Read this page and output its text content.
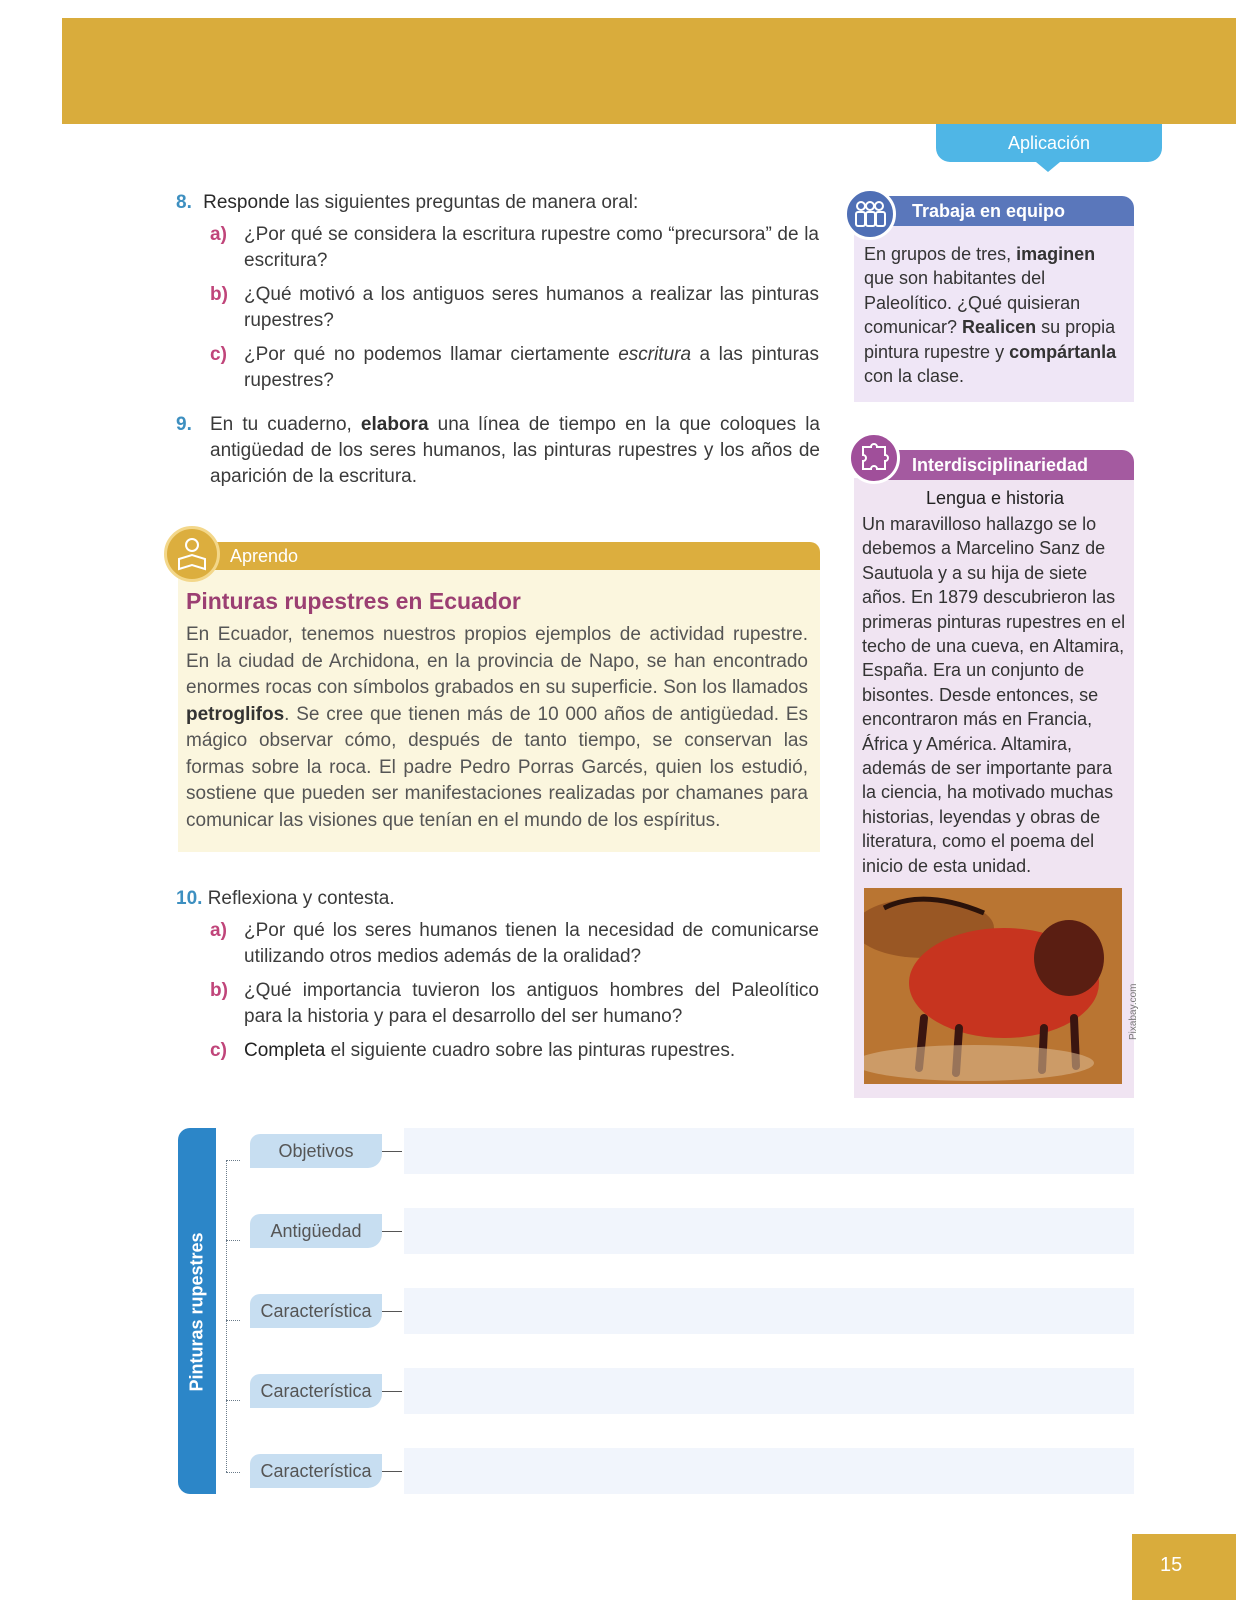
Aplicación
8. Responde las siguientes preguntas de manera oral:
a) ¿Por qué se considera la escritura rupestre como “precursora” de la escritura?
b) ¿Qué motivó a los antiguos seres humanos a realizar las pinturas rupestres?
c) ¿Por qué no podemos llamar ciertamente escritura a las pinturas rupestres?
9. En tu cuaderno, elabora una línea de tiempo en la que coloques la antigüedad de los seres humanos, las pinturas rupestres y los años de aparición de la escritura.
Aprendo
Pinturas rupestres en Ecuador
En Ecuador, tenemos nuestros propios ejemplos de actividad rupestre. En la ciudad de Archidona, en la provincia de Napo, se han encontrado enormes rocas con símbolos grabados en su superficie. Son los llamados petroglifos. Se cree que tienen más de 10 000 años de antigüedad. Es mágico observar cómo, después de tanto tiempo, se conservan las formas sobre la roca. El padre Pedro Porras Garcés, quien los estudió, sostiene que pueden ser manifestaciones realizadas por chamanes para comunicar las visiones que tenían en el mundo de los espíritus.
10. Reflexiona y contesta.
a) ¿Por qué los seres humanos tienen la necesidad de comunicarse utilizando otros medios además de la oralidad?
b) ¿Qué importancia tuvieron los antiguos hombres del Paleolítico para la historia y para el desarrollo del ser humano?
c) Completa el siguiente cuadro sobre las pinturas rupestres.
Trabaja en equipo
En grupos de tres, imaginen que son habitantes del Paleolítico. ¿Qué quisieran comunicar? Realicen su propia pintura rupestre y compártanla con la clase.
Interdisciplinariedad
Lengua e historia
Un maravilloso hallazgo se lo debemos a Marcelino Sanz de Sautuola y a su hija de siete años. En 1879 descubrieron las primeras pinturas rupestres en el techo de una cueva, en Altamira, España. Era un conjunto de bisontes. Desde entonces, se encontraron más en Francia, África y América. Altamira, además de ser importante para la ciencia, ha motivado muchas historias, leyendas y obras de literatura, como el poema del inicio de esta unidad.
Pixabay.com
Pinturas rupestres
Objetivos
Antigüedad
Característica
Característica
Característica
15
